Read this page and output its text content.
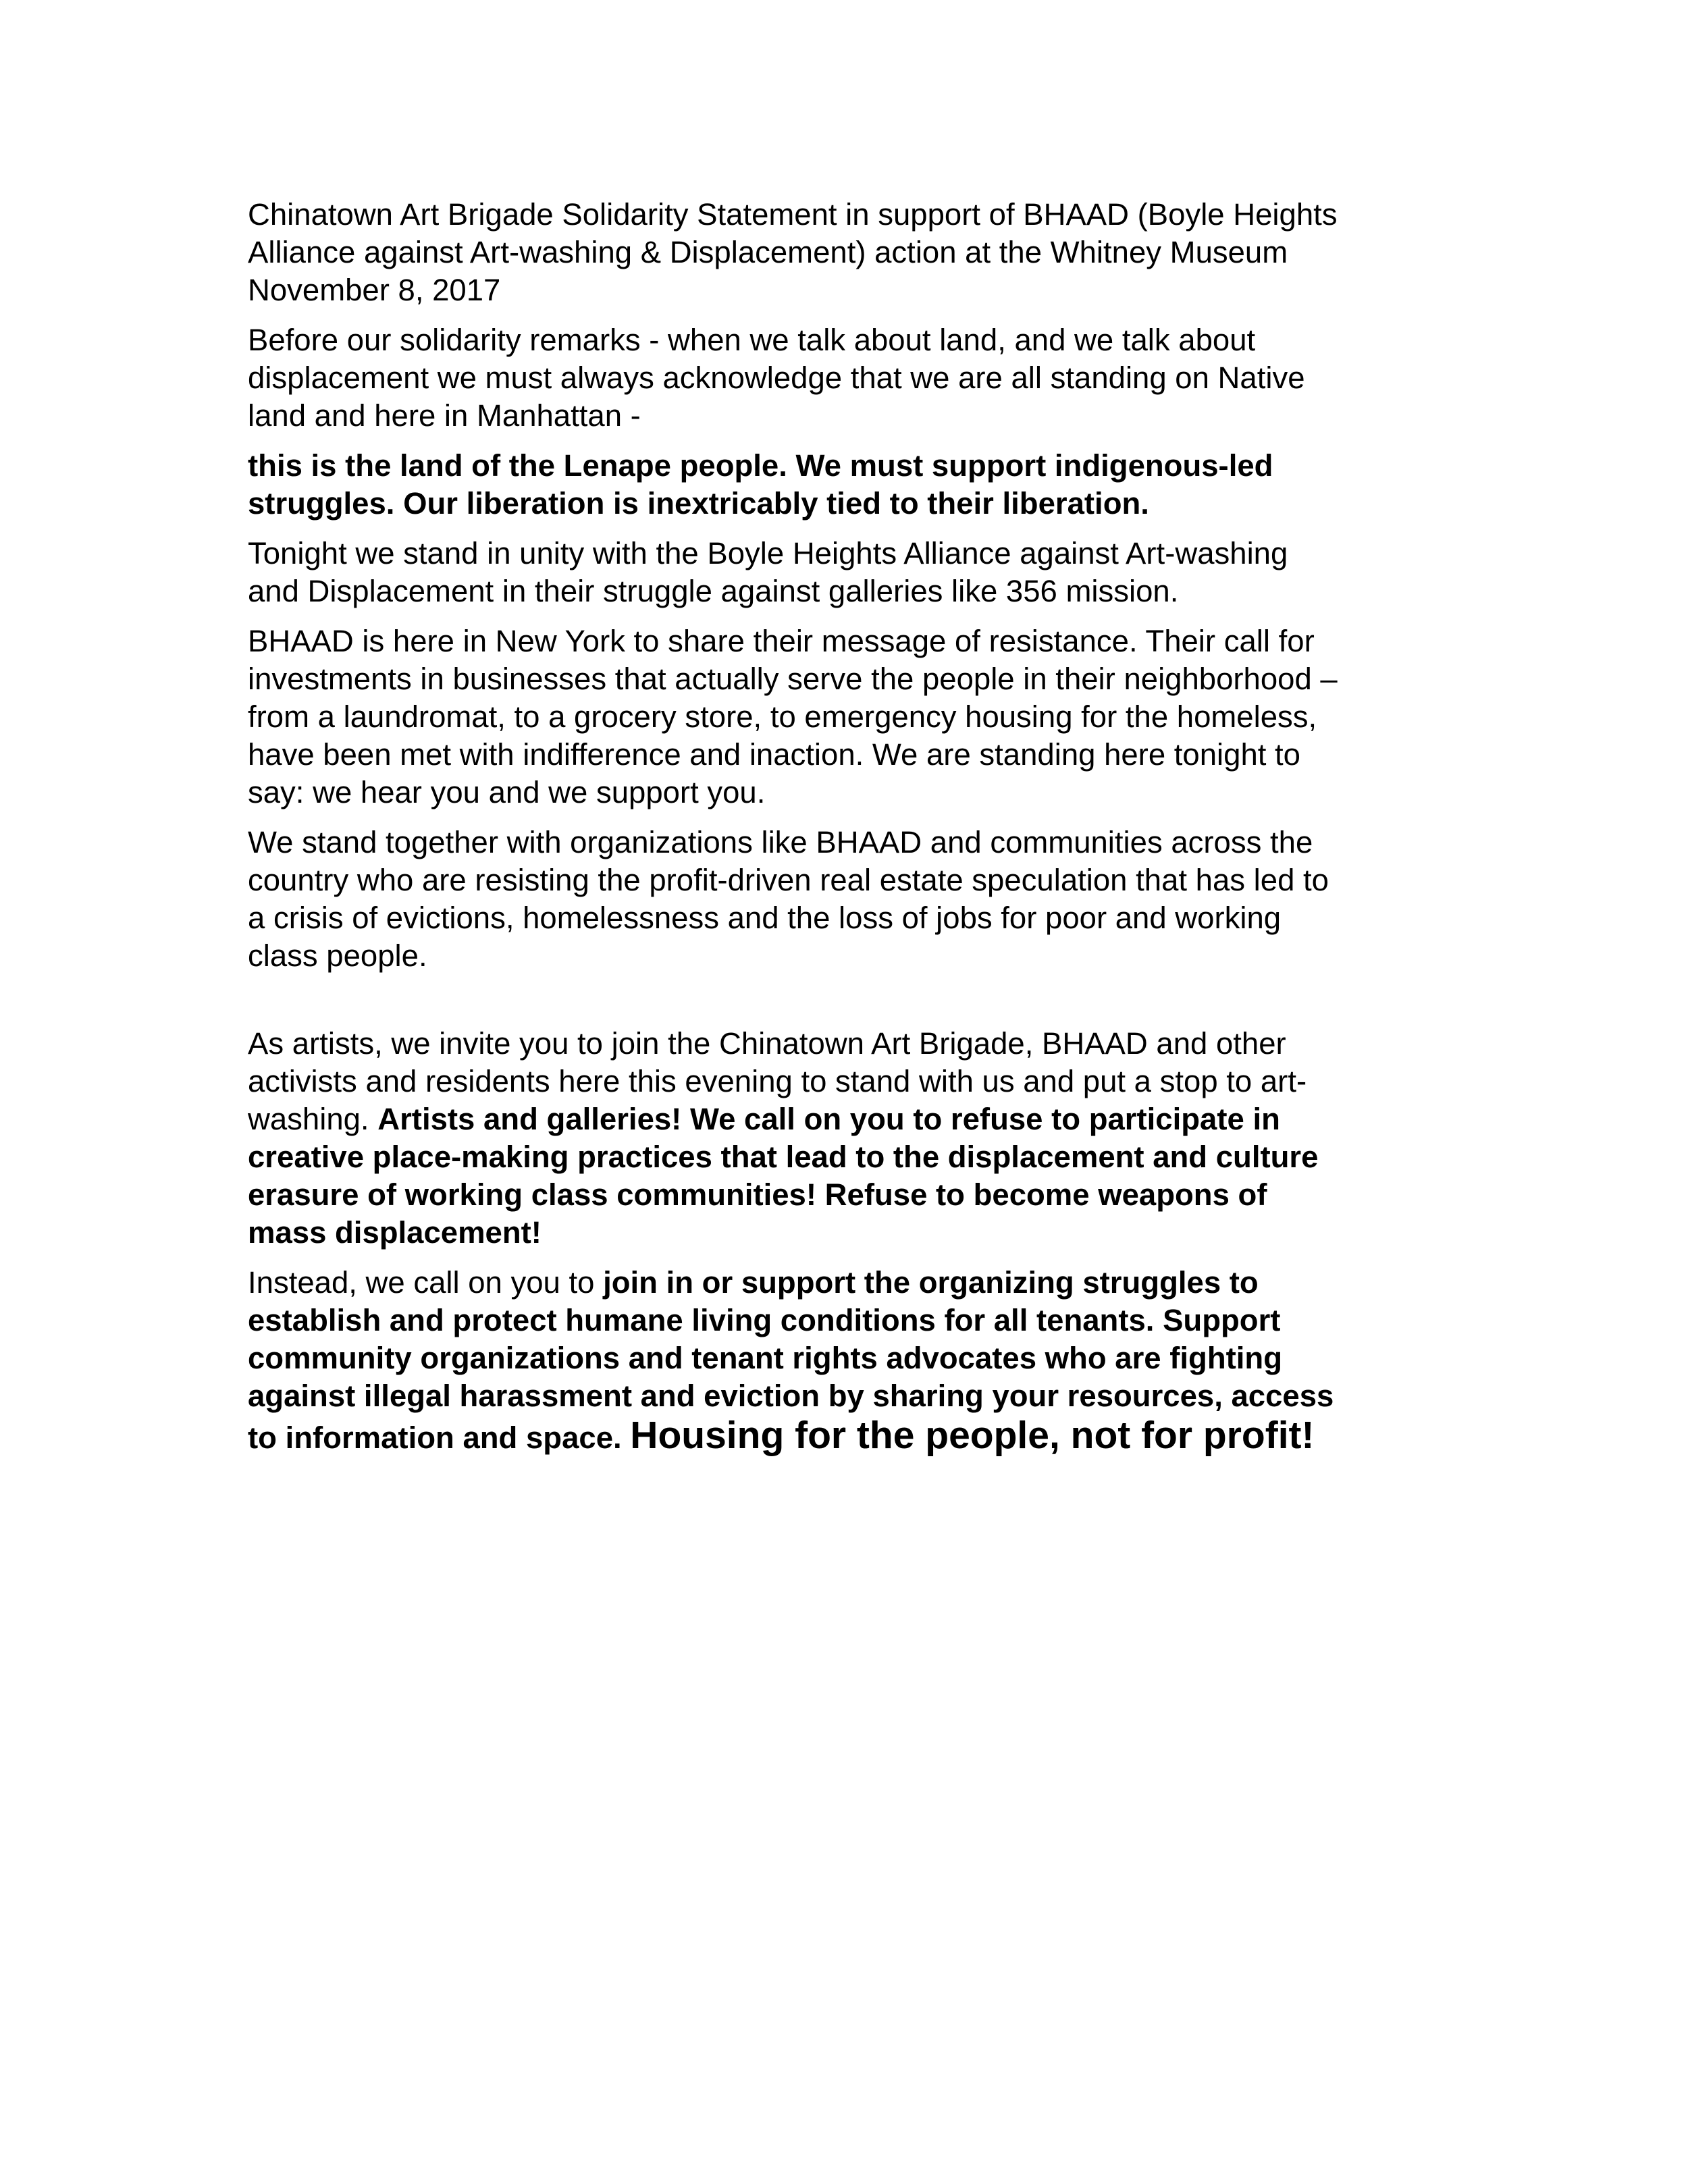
Chinatown Art Brigade Solidarity Statement in support of BHAAD (Boyle Heights
Alliance against Art-washing & Displacement) action at the Whitney Museum
November 8, 2017
Before our solidarity remarks - when we talk about land, and we talk about
displacement we must always acknowledge that we are all standing on Native
land and here in Manhattan -
this is the land of the Lenape people. We must support indigenous-led
struggles. Our liberation is inextricably tied to their liberation.
Tonight we stand in unity with the Boyle Heights Alliance against Art-washing
and Displacement in their struggle against galleries like 356 mission.
BHAAD is here in New York to share their message of resistance. Their call for
investments in businesses that actually serve the people in their neighborhood –
from a laundromat, to a grocery store, to emergency housing for the homeless,
have been met with indifference and inaction. We are standing here tonight to
say: we hear you and we support you.
We stand together with organizations like BHAAD and communities across the
country who are resisting the profit-driven real estate speculation that has led to
a crisis of evictions, homelessness and the loss of jobs for poor and working
class people.
As artists, we invite you to join the Chinatown Art Brigade, BHAAD and other
activists and residents here this evening to stand with us and put a stop to art-
washing. Artists and galleries! We call on you to refuse to participate in
creative place-making practices that lead to the displacement and culture
erasure of working class communities! Refuse to become weapons of
mass displacement!
Instead, we call on you to join in or support the organizing struggles to
establish and protect humane living conditions for all tenants. Support
community organizations and tenant rights advocates who are fighting
against illegal harassment and eviction by sharing your resources, access
to information and space. Housing for the people, not for profit!
